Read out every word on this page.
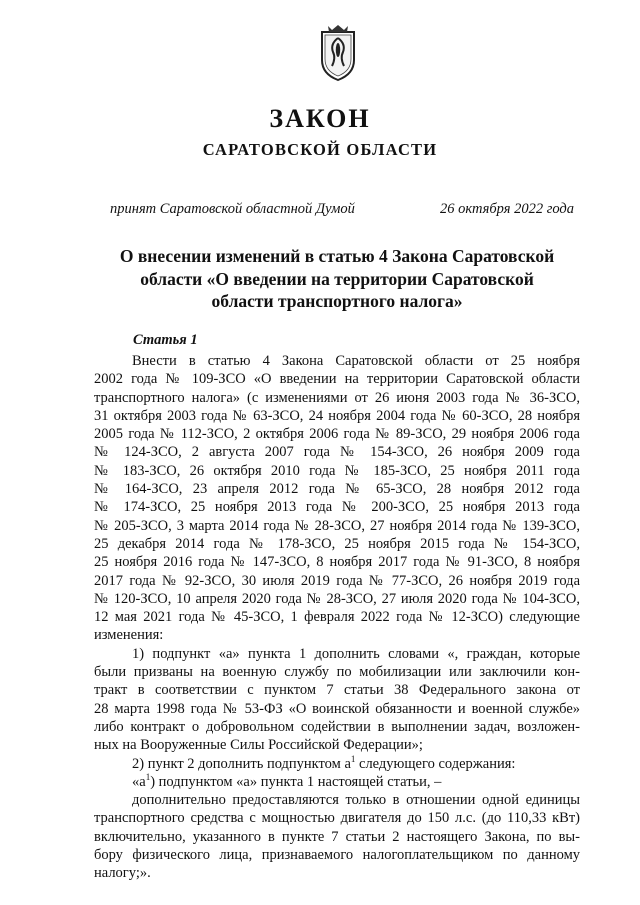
ЗАКОН
САРАТОВСКОЙ ОБЛАСТИ
принят Саратовской областной Думой	26 октября 2022 года
О внесении изменений в статью 4 Закона Саратовской
области «О введении на территории Саратовской
области транспортного налога»
Статья 1

Внести в статью 4 Закона Саратовской области от 25 ноября

2002 года № 109-ЗСО «О введении на территории Саратовской области

транспортного налога» (с изменениями от 26 июня 2003 года № 36-ЗСО,

31 октября 2003 года № 63-ЗСО, 24 ноября 2004 года № 60-ЗСО, 28 ноября

2005 года № 112-ЗСО, 2 октября 2006 года № 89-ЗСО, 29 ноября 2006 года

№ 124-ЗСО, 2 августа 2007 года № 154-ЗСО, 26 ноября 2009 года

№ 183-ЗСО, 26 октября 2010 года № 185-ЗСО, 25 ноября 2011 года

№ 164-ЗСО, 23 апреля 2012 года № 65-ЗСО, 28 ноября 2012 года

№ 174-ЗСО, 25 ноября 2013 года № 200-ЗСО, 25 ноября 2013 года

№ 205-ЗСО, 3 марта 2014 года № 28-ЗСО, 27 ноября 2014 года № 139-ЗСО,

25 декабря 2014 года № 178-ЗСО, 25 ноября 2015 года № 154-ЗСО,

25 ноября 2016 года № 147-ЗСО, 8 ноября 2017 года № 91-ЗСО, 8 ноября

2017 года № 92-ЗСО, 30 июля 2019 года № 77-ЗСО, 26 ноября 2019 года

№ 120-ЗСО, 10 апреля 2020 года № 28-ЗСО, 27 июля 2020 года № 104-ЗСО,

12 мая 2021 года № 45-ЗСО, 1 февраля 2022 года № 12-ЗСО) следующие

изменения:

1) подпункт «а» пункта 1 дополнить словами «, граждан, которые

были призваны на военную службу по мобилизации или заключили кон-

тракт в соответствии с пунктом 7 статьи 38 Федерального закона от

28 марта 1998 года № 53-ФЗ «О воинской обязанности и военной службе»

либо контракт о добровольном содействии в выполнении задач, возложен-

ных на Вооруженные Силы Российской Федерации»;

2) пункт 2 дополнить подпунктом $а^1$ следующего содержания:

«$а^1$) подпунктом «а» пункта 1 настоящей статьи, –

дополнительно предоставляются только в отношении одной единицы

транспортного средства с мощностью двигателя до 150 л.с. (до 110,33 кВт)

включительно, указанного в пункте 7 статьи 2 настоящего Закона, по вы-

бору физического лица, признаваемого налогоплательщиком по данному

налогу;».
